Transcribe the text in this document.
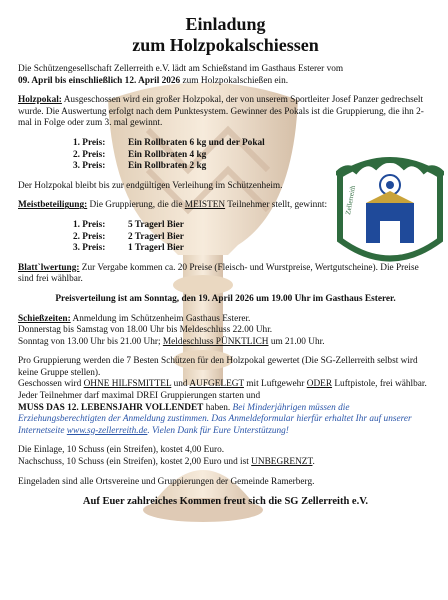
Zellerreith
Einladung
zum Holzpokalschiessen

Die Schützengesellschaft Zellerreith e.V. lädt am Schießstand im Gasthaus Esterer vom
09. April bis einschließlich 12. April 2026 zum Holzpokalschießen ein.

Holzpokal: Ausgeschossen wird ein großer Holzpokal, der von unserem Sportleiter Josef Panzer gedrechselt wurde. Die Auswertung erfolgt nach dem Punktesystem. Gewinner des Pokals ist die Gruppierung, die ihn 2-mal in Folge oder zum 3. mal gewinnt.

1. Preis:	Ein Rollbraten 6 kg und der Pokal
2. Preis:	Ein Rollbraten 4 kg
3. Preis:	Ein Rollbraten 2 kg

Der Holzpokal bleibt bis zur endgültigen Verleihung im Schützenheim.

Meistbeteiligung: Die Gruppierung, die die MEISTEN Teilnehmer stellt, gewinnt:

1. Preis:	5 Tragerl Bier
2. Preis:	2 Tragerl Bier
3. Preis:	1 Tragerl Bier

Blatt`lwertung: Zur Vergabe kommen ca. 20 Preise (Fleisch- und Wurstpreise, Wertgutscheine). Die Preise sind frei wählbar.

Preisverteilung ist am Sonntag, den 19. April 2026 um 19.00 Uhr im Gasthaus Esterer.

Schießzeiten: Anmeldung im Schützenheim Gasthaus Esterer.
Donnerstag bis Samstag von 18.00 Uhr bis Meldeschluss 22.00 Uhr.
Sonntag von 13.00 Uhr bis 21.00 Uhr; Meldeschluss PÜNKTLICH um 21.00 Uhr.

Pro Gruppierung werden die 7 Besten Schützen für den Holzpokal gewertet (Die SG-Zellerreith selbst wird keine Gruppe stellen).
Geschossen wird OHNE HILFSMITTEL und AUFGELEGT mit Luftgewehr ODER Luftpistole, frei wählbar.
Jeder Teilnehmer darf maximal DREI Gruppierungen starten und
MUSS DAS 12. LEBENSJAHR VOLLENDET haben. Bei Minderjährigen müssen die Erziehungsberechtigten der Anmeldung zustimmen. Das Anmeldeformular hierfür erhaltet Ihr auf unserer Internetseite www.sg-zellerreith.de. Vielen Dank für Eure Unterstützung!

Die Einlage, 10 Schuss (ein Streifen), kostet 4,00 Euro.
Nachschuss, 10 Schuss (ein Streifen), kostet 2,00 Euro und ist UNBEGRENZT.

Eingeladen sind alle Ortsvereine und Gruppierungen der Gemeinde Ramerberg.

Auf Euer zahlreiches Kommen freut sich die SG Zellerreith e.V.
